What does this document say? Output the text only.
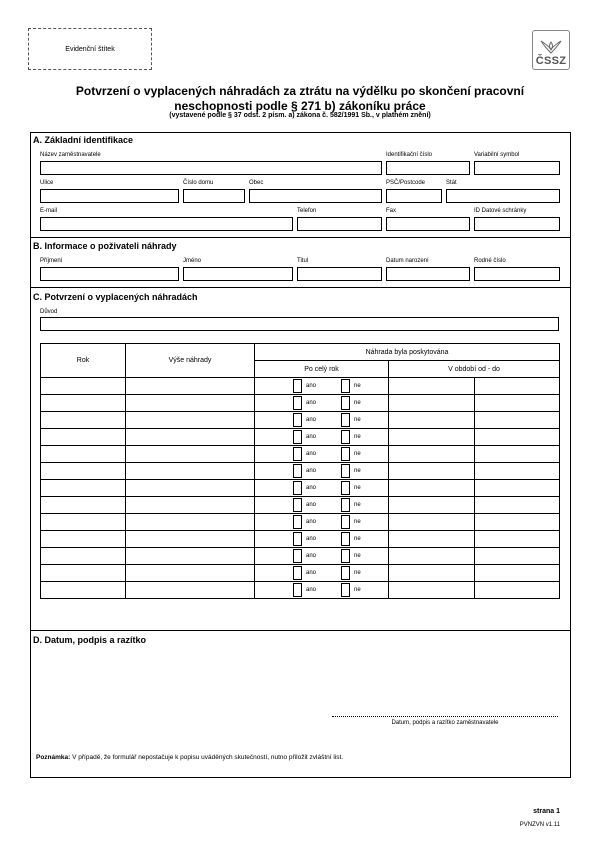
Evidenční štítek
ČSSZ
Potvrzení o vyplacených náhradách za ztrátu na výdělku po skončení pracovní
neschopnosti podle § 271 b) zákoníku práce
(vystavené podle § 37 odst. 2 písm. a) zákona č. 582/1991 Sb., v platném znění)
A. Základní identifikace
Název zaměstnavatele	Identifikační číslo	Variabilní symbol
Ulice	Číslo domu	Obec	PSČ/Postcode	Stát
E-mail	Telefon	Fax	ID Datové schránky
B. Informace o poživateli náhrady
Příjmení	Jméno	Titul	Datum narození	Rodné číslo
C. Potvrzení o vyplacených náhradách
Důvod
Rok	Výše náhrady	Náhrada byla poskytována		
		Po celý rok	V období od - do	

		ano ne		

		ano ne		

		ano ne		

		ano ne		

		ano ne		

		ano ne		

		ano ne		

		ano ne		

		ano ne		

		ano ne		

		ano ne		

		ano ne		

		ano ne		

D. Datum, podpis a razítko
Datum, podpis a razítko zaměstnavatele
Poznámka: V případě, že formulář nepostačuje k popisu uváděných skutečností, nutno přiložit zvláštní list.
strana 1
PVNZVN v1.11
